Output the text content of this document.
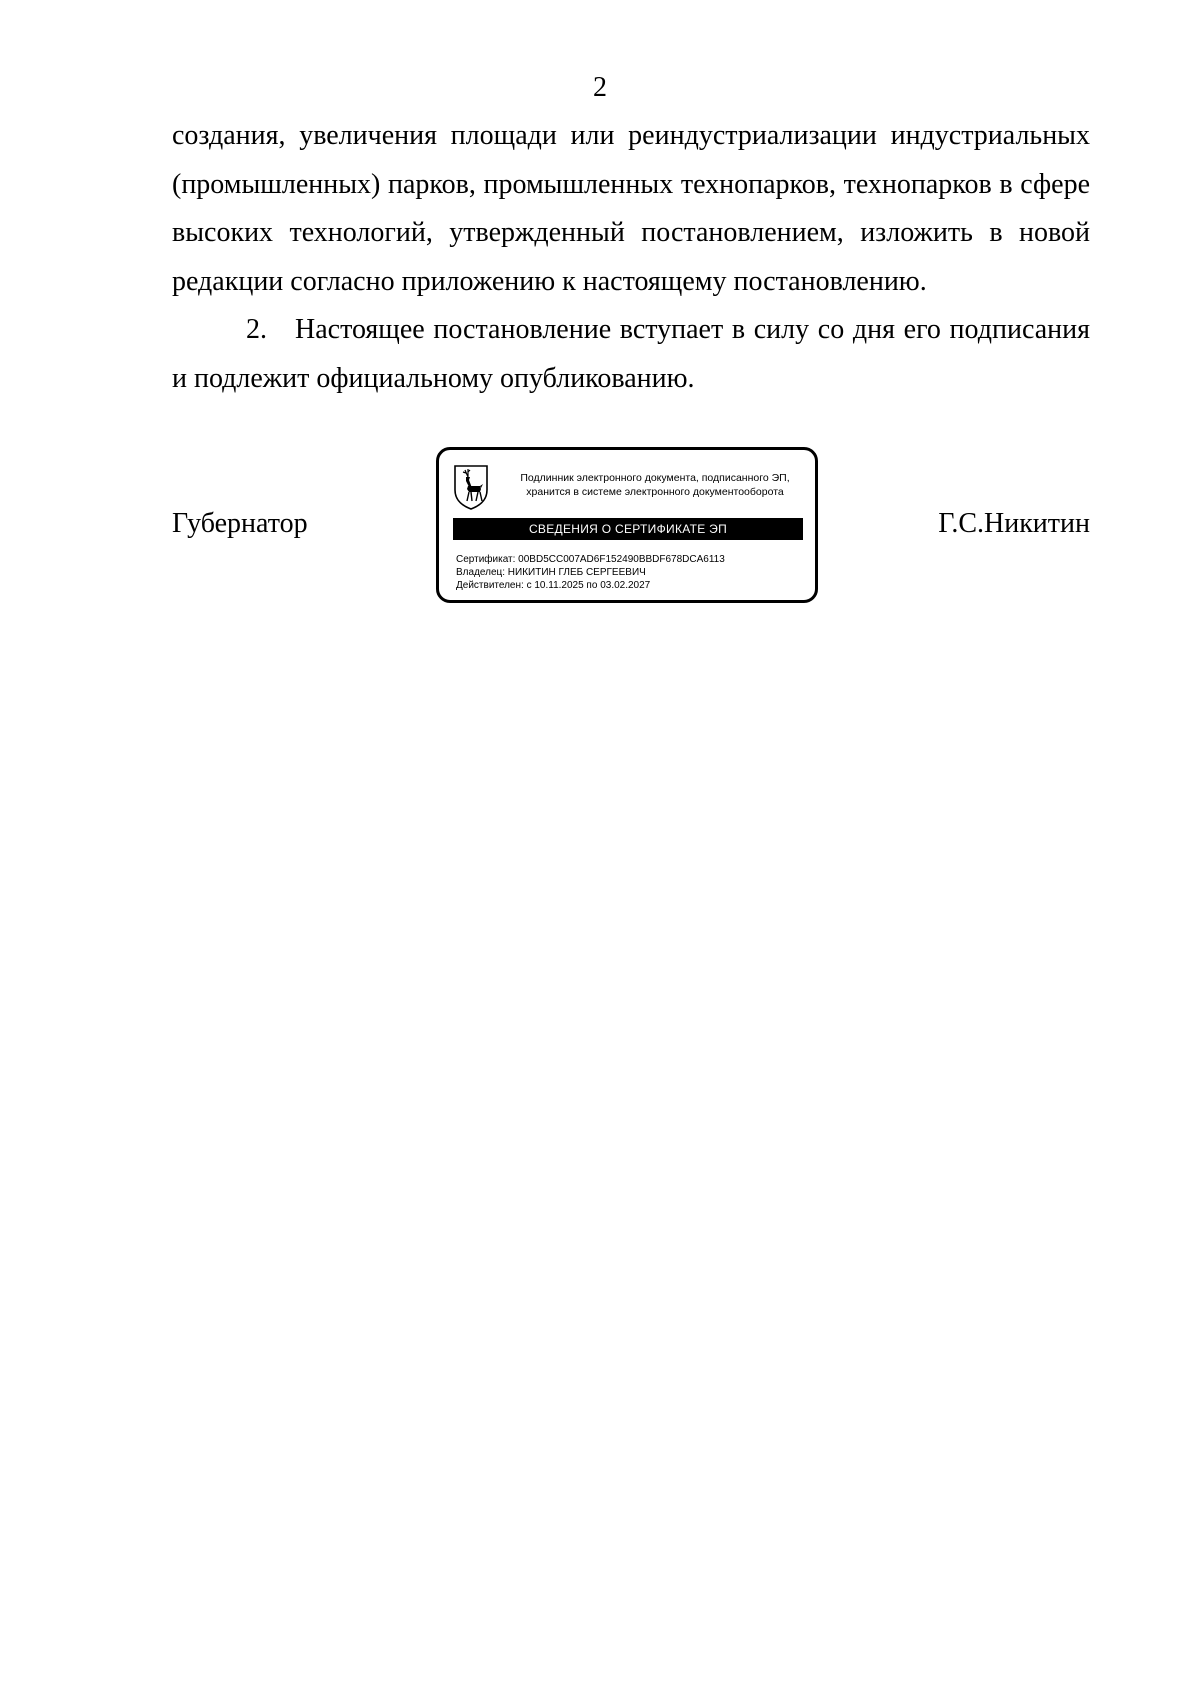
2

создания, увеличения площади или реиндустриализации индустриальных (промышленных) парков, промышленных технопарков, технопарков в сфере высоких технологий, утвержденный постановлением, изложить в новой редакции согласно приложению к настоящему постановлению.

2. Настоящее постановление вступает в силу со дня его подписания и подлежит официальному опубликованию.

Губернатор	Г.С.Никитин
Подлинник электронного документа, подписанного ЭП,
хранится в системе электронного документооборота
СВЕДЕНИЯ О СЕРТИФИКАТЕ ЭП
Сертификат: 00BD5CC007AD6F152490BBDF678DCA6113
Владелец: НИКИТИН ГЛЕБ СЕРГЕЕВИЧ
Действителен: с 10.11.2025 по 03.02.2027
